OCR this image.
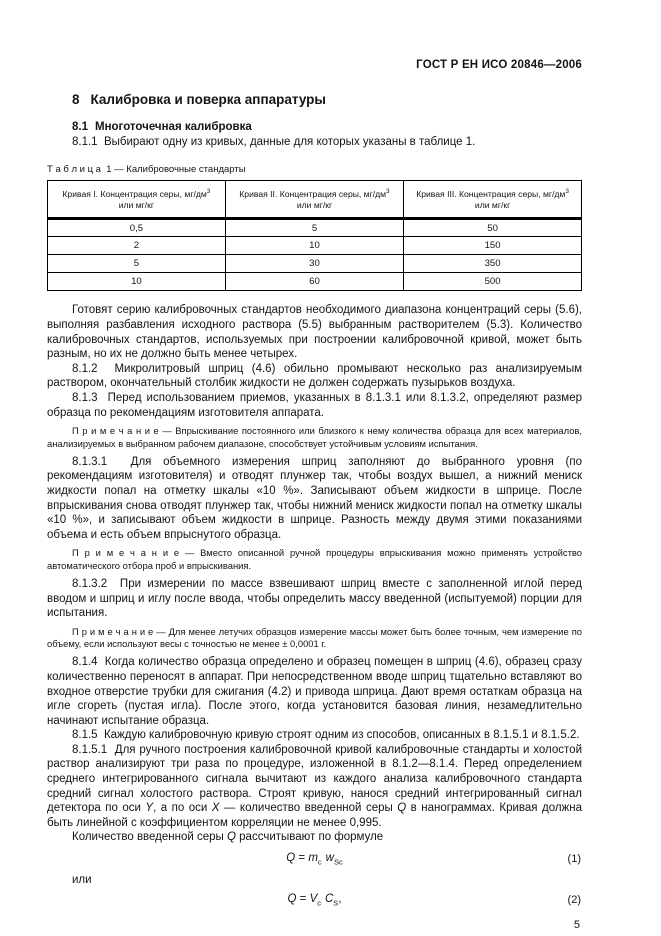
ГОСТ Р ЕН ИСО 20846—2006
8 Калибровка и поверка аппаратуры
8.1 Многоточечная калибровка

8.1.1  Выбирают одну из кривых, данные для которых указаны в таблице 1.

Т а б л и ц а  1 — Калибровочные стандарты
Кривая I. Концентрация серы, $мг/дм^3$
или мг/кг

Кривая II. Концентрация серы, $мг/дм^3$
или мг/кг

Кривая III. Концентрация серы, $мг/дм^3$
или мг/кг

0,5	5	50
2	10	150
5	30	350
10	60	500

Готовят серию калибровочных стандартов необходимого диапазона концентраций серы (5.6), выполняя разбавления исходного раствора (5.5) выбранным растворителем (5.3). Количество калибровочных стандартов, используемых при построении калибровочной кривой, может быть разным, но их не должно быть менее четырех.

8.1.2  Микролитровый шприц (4.6) обильно промывают несколько раз анализируемым раствором, окончательный столбик жидкости не должен содержать пузырьков воздуха.

8.1.3  Перед использованием приемов, указанных в 8.1.3.1 или 8.1.3.2, определяют размер образца по рекомендациям изготовителя аппарата.

П р и м е ч а н и е — Впрыскивание постоянного или близкого к нему количества образца для всех материалов, анализируемых в выбранном рабочем диапазоне, способствует устойчивым условиям испытания.

8.1.3.1  Для объемного измерения шприц заполняют до выбранного уровня (по рекомендациям изготовителя) и отводят плунжер так, чтобы воздух вышел, а нижний мениск жидкости попал на отметку шкалы «10 %». Записывают объем жидкости в шприце. После впрыскивания снова отводят плунжер так, чтобы нижний мениск жидкости попал на отметку шкалы «10 %», и записывают объем жидкости в шприце. Разность между двумя этими показаниями объема и есть объем впрыснутого образца.

П р и м е ч а н и е — Вместо описанной ручной процедуры впрыскивания можно применять устройство автоматического отбора проб и впрыскивания.

8.1.3.2  При измерении по массе взвешивают шприц вместе с заполненной иглой перед вводом и шприц и иглу после ввода, чтобы определить массу введенной (испытуемой) порции для испытания.

П р и м е ч а н и е — Для менее летучих образцов измерение массы может быть более точным, чем измерение по объему, если используют весы с точностью не менее ± 0,0001 г.

8.1.4  Когда количество образца определено и образец помещен в шприц (4.6), образец сразу количественно переносят в аппарат. При непосредственном вводе шприц тщательно вставляют во входное отверстие трубки для сжигания (4.2) и привода шприца. Дают время остаткам образца на игле сгореть (пустая игла). После этого, когда установится базовая линия, незамедлительно начинают испытание образца.

8.1.5  Каждую калибровочную кривую строят одним из способов, описанных в 8.1.5.1 и 8.1.5.2.

8.1.5.1  Для ручного построения калибровочной кривой калибровочные стандарты и холостой раствор анализируют три раза по процедуре, изложенной в 8.1.2—8.1.4. Перед определением среднего интегрированного сигнала вычитают из каждого анализа калибровочного стандарта средний сигнал холостого раствора. Строят кривую, нанося средний интегрированный сигнал детектора по оси Y, а по оси X — количество введенной серы Q в нанограммах. Кривая должна быть линейной с коэффициентом корреляции не менее 0,995.

Количество введенной серы Q рассчитывают по формуле

$Q = m_c$ $w_{Sc}$	(1)

или

$Q = V_c$ $C_S$,	(2)
5
